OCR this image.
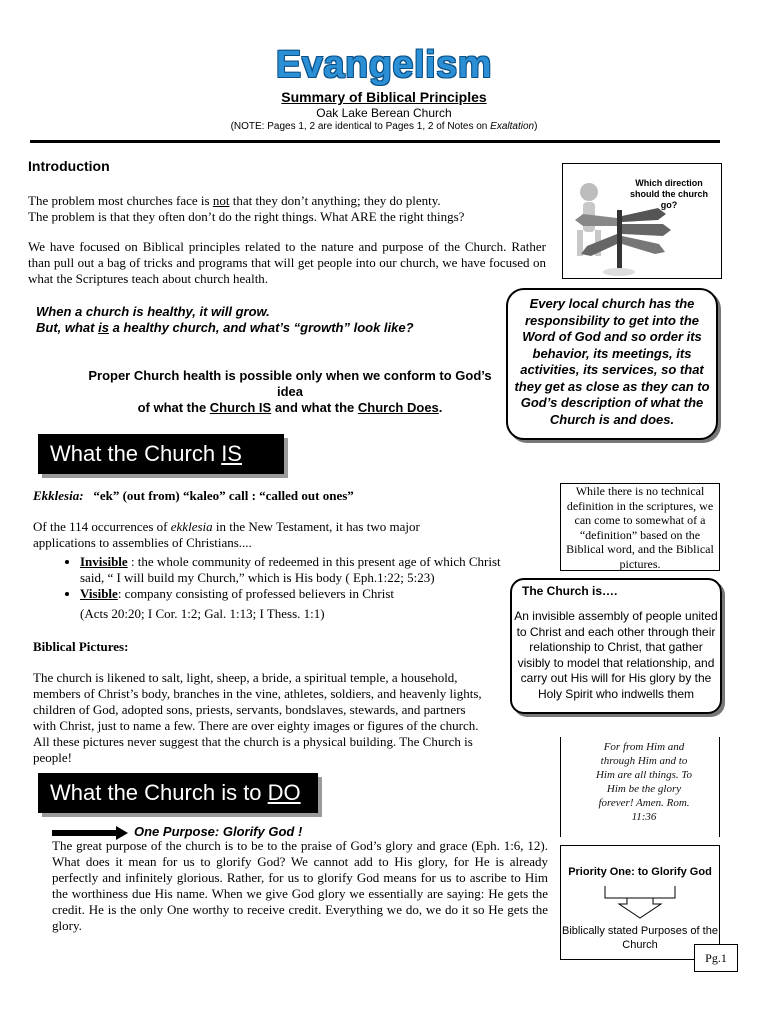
Evangelism
Summary of Biblical Principles
Oak Lake Berean Church
(NOTE: Pages 1, 2 are identical to Pages 1, 2 of Notes on Exaltation)
Introduction
The problem most churches face is not that they don’t anything; they do plenty.
The problem is that they often don’t do the right things. What ARE the right things?
We have focused on Biblical principles related to the nature and purpose of the Church. Rather than pull out a bag of tricks and programs that will get people into our church, we have focused on what the Scriptures teach about church health.
When a church is healthy, it will grow.
But, what is a healthy church, and what’s “growth” look like?
Proper Church health is possible only when we conform to God’s idea
of what the Church IS and what the Church Does.
What the Church IS
Ekklesia: “ek” (out from) “kaleo” call : “called out ones”
Of the 114 occurrences of ekklesia in the New Testament, it has two major applications to assemblies of Christians....
• Invisible : the whole community of redeemed in this present age of which Christ said, “ I will build my Church,” which is His body ( Eph.1:22; 5:23)
• Visible: company consisting of professed believers in Christ
(Acts 20:20; I Cor. 1:2; Gal. 1:13; I Thess. 1:1)
Biblical Pictures:
The church is likened to salt, light, sheep, a bride, a spiritual temple, a household, members of Christ’s body, branches in the vine, athletes, soldiers, and heavenly lights, children of God, adopted sons, priests, servants, bondslaves, stewards, and partners with Christ, just to name a few. There are over eighty images or figures of the church. All these pictures never suggest that the church is a physical building. The Church is people!
What the Church is to DO
One Purpose: Glorify God !
The great purpose of the church is to be to the praise of God’s glory and grace (Eph. 1:6, 12). What does it mean for us to glorify God? We cannot add to His glory, for He is already perfectly and infinitely glorious. Rather, for us to glorify God means for us to ascribe to Him the worthiness due His name. When we give God glory we essentially are saying: He gets the credit. He is the only One worthy to receive credit. Everything we do, we do it so He gets the glory.
Which direction should the church go?
Every local church has the responsibility to get into the Word of God and so order its behavior, its meetings, its activities, its services, so that they get as close as they can to God’s description of what the Church is and does.
While there is no technical definition in the scriptures, we can come to somewhat of a “definition” based on the Biblical word, and the Biblical pictures.
The Church is….
An invisible assembly of people united to Christ and each other through their relationship to Christ, that gather visibly to model that relationship, and carry out His will for His glory by the Holy Spirit who indwells them
For from Him and through Him and to Him are all things. To Him be the glory forever! Amen. Rom. 11:36
Priority One: to Glorify God
Biblically stated Purposes of the Church
Pg.1
